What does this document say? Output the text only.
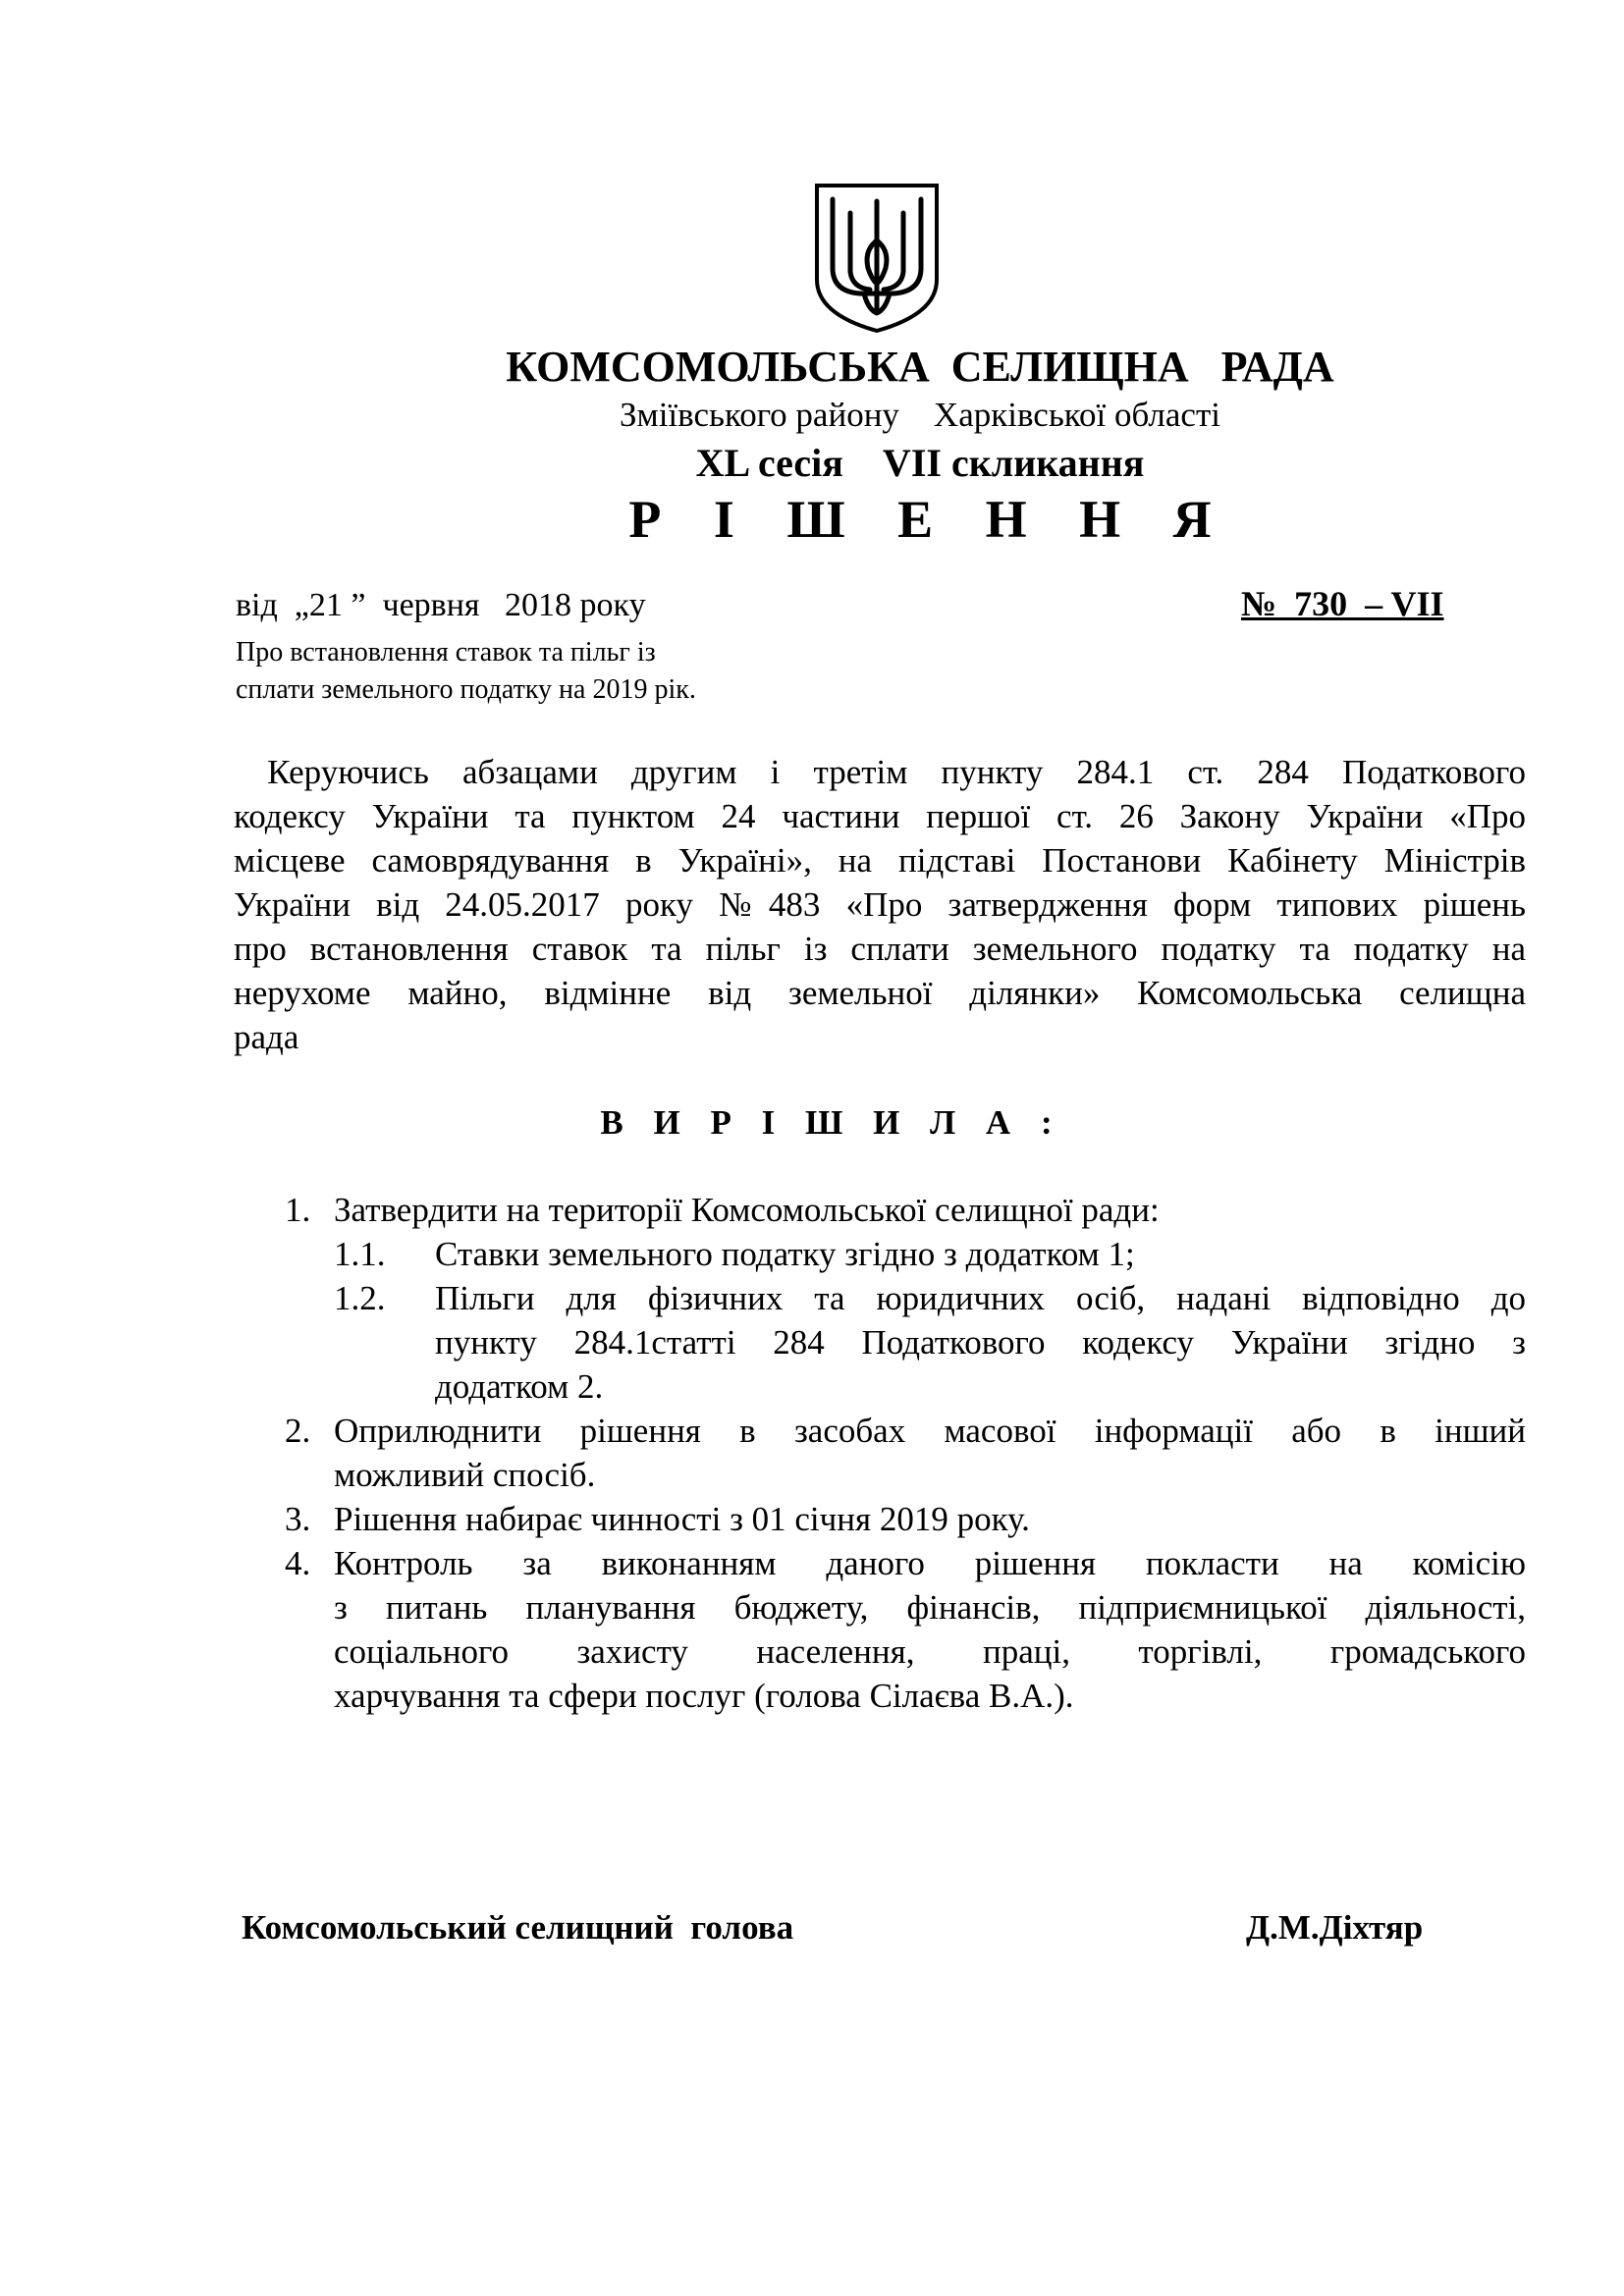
КОМСОМОЛЬСЬКА  СЕЛИЩНА   РАДА
Зміївського району    Харківської області
XL сесія    VII скликання
Р І Ш Е Н Н Я
від  „21 ”  червня   2018 року	№  730  – VII
Про встановлення ставок та пільг із
сплати земельного податку на 2019 рік.
Керуючись абзацами другим і третім пункту 284.1 ст. 284 Податкового
кодексу України та пунктом 24 частини першої ст. 26 Закону України «Про
місцеве самоврядування в Україні», на підставі Постанови Кабінету Міністрів
України від 24.05.2017 року №483 «Про затвердження форм типових рішень
про встановлення ставок та пільг із сплати земельного податку та податку на
нерухоме майно, відмінне від земельної ділянки» Комсомольська селищна
рада
В И Р І Ш И Л А :
1. Затвердити на території Комсомольської селищної ради:
1.1. Ставки земельного податку згідно з додатком 1;
1.2. Пільги для фізичних та юридичних осіб, надані відповідно до
пункту 284.1статті 284 Податкового кодексу України згідно з
додатком 2.
2. Оприлюднити рішення в засобах масової інформації або в інший
можливий спосіб.
3. Рішення набирає чинності з 01 січня 2019 року.
4. Контроль за виконанням даного рішення покласти на комісію
з питань планування бюджету, фінансів, підприємницької діяльності,
соціального захисту населення, праці, торгівлі, громадського
харчування та сфери послуг (голова Сілаєва В.А.).
Комсомольський селищний  голова	Д.М.Діхтяр
